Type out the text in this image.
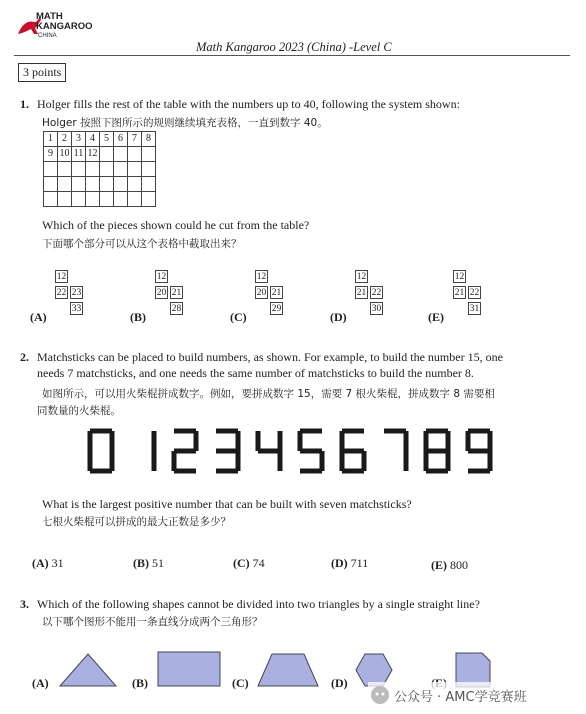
MATH
KANGAROO
CHINA
Math Kangaroo 2023 (China) -Level C
3 points
1. Holger fills the rest of the table with the numbers up to 40, following the system shown:
Holger 按照下图所示的规则继续填充表格，一直到数字 40。
1	2	3	4	5	6	7	8
9	10	11	12				

Which of the pieces shown could he cut from the table?
下面哪个部分可以从这个表格中截取出来？
12
22 23
33
(A)
12
20 21
28
(B)
12
20 21
29
(C)
12
21 22
30
(D)
12
21 22
31
(E)
2. Matchsticks can be placed to build numbers, as shown. For example, to build the number 15, one
needs 7 matchsticks, and one needs the same number of matchsticks to build the number 8.
如图所示，可以用火柴棍拼成数字。例如，要拼成数字 15，需要 7 根火柴棍，拼成数字 8 需要相
同数量的火柴棍。
What is the largest positive number that can be built with seven matchsticks?
七根火柴棍可以拼成的最大正数是多少？
(A) 31	(B) 51	(C) 74	(D) 711	(E) 800
3. Which of the following shapes cannot be divided into two triangles by a single straight line?
以下哪个图形不能用一条直线分成两个三角形？
(A)	(B)	(C)	(D)
公众号 · AMC学竞赛班
